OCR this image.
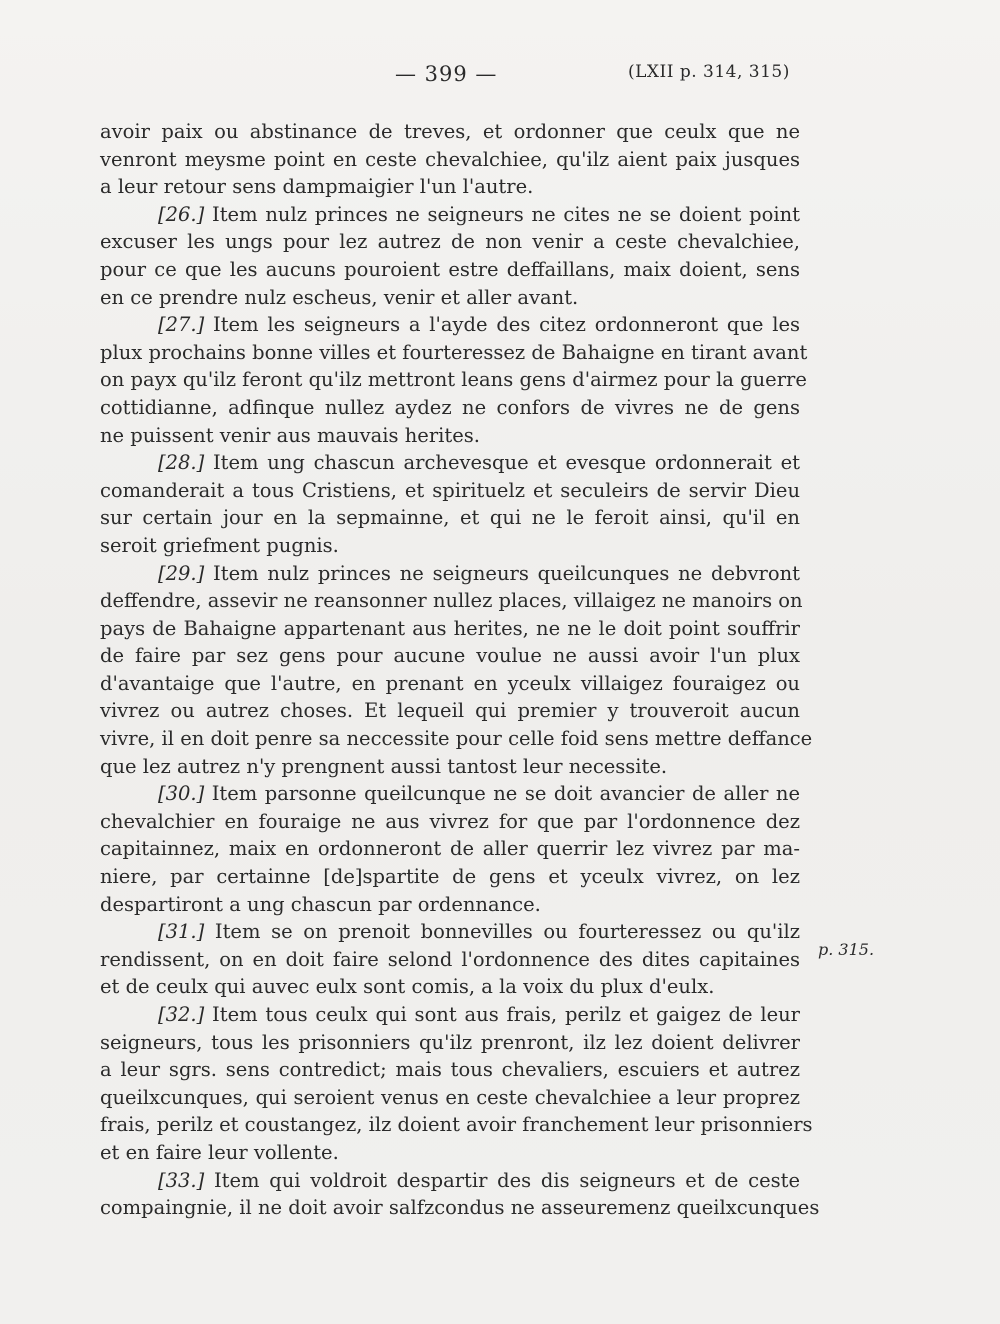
— 399 —	(LXII p. 314, 315)
avoir paix ou abstinance de treves, et ordonner que ceulx que ne
venront meysme point en ceste chevalchiee, qu'ilz aient paix jusques
a leur retour sens dampmaigier l'un l'autre.
[26.] Item nulz princes ne seigneurs ne cites ne se doient point
excuser les ungs pour lez autrez de non venir a ceste chevalchiee,
pour ce que les aucuns pouroient estre deffaillans, maix doient, sens
en ce prendre nulz escheus, venir et aller avant.
[27.] Item les seigneurs a l'ayde des citez ordonneront que les
plux prochains bonne villes et fourteressez de Bahaigne en tirant avant
on payx qu'ilz feront qu'ilz mettront leans gens d'airmez pour la guerre
cottidianne, adfinque nullez aydez ne confors de vivres ne de gens
ne puissent venir aus mauvais herites.
[28.] Item ung chascun archevesque et evesque ordonnerait et
comanderait a tous Cristiens, et spirituelz et seculeirs de servir Dieu
sur certain jour en la sepmainne, et qui ne le feroit ainsi, qu'il en
seroit griefment pugnis.
[29.] Item nulz princes ne seigneurs queilcunques ne debvront
deffendre, assevir ne reansonner nullez places, villaigez ne manoirs on
pays de Bahaigne appartenant aus herites, ne ne le doit point souffrir
de faire par sez gens pour aucune voulue ne aussi avoir l'un plux
d'avantaige que l'autre, en prenant en yceulx villaigez fouraigez ou
vivrez ou autrez choses. Et lequeil qui premier y trouveroit aucun
vivre, il en doit penre sa neccessite pour celle foid sens mettre deffance
que lez autrez n'y prengnent aussi tantost leur necessite.
[30.] Item parsonne queilcunque ne se doit avancier de aller ne
chevalchier en fouraige ne aus vivrez for que par l'ordonnence dez
capitainnez, maix en ordonneront de aller querrir lez vivrez par ma-
niere, par certainne [de]spartite de gens et yceulx vivrez, on lez
despartiront a ung chascun par ordennance.
[31.] Item se on prenoit bonnevilles ou fourteressez ou qu'ilz
rendissent, on en doit faire selond l'ordonnence des dites capitaines
et de ceulx qui auvec eulx sont comis, a la voix du plux d'eulx.
[32.] Item tous ceulx qui sont aus frais, perilz et gaigez de leur
seigneurs, tous les prisonniers qu'ilz prenront, ilz lez doient delivrer
a leur sgrs. sens contredict; mais tous chevaliers, escuiers et autrez
queilxcunques, qui seroient venus en ceste chevalchiee a leur proprez
frais, perilz et coustangez, ilz doient avoir franchement leur prisonniers
et en faire leur vollente.
[33.] Item qui voldroit despartir des dis seigneurs et de ceste
compaingnie, il ne doit avoir salfzcondus ne asseuremenz queilxcunques
p. 315.
